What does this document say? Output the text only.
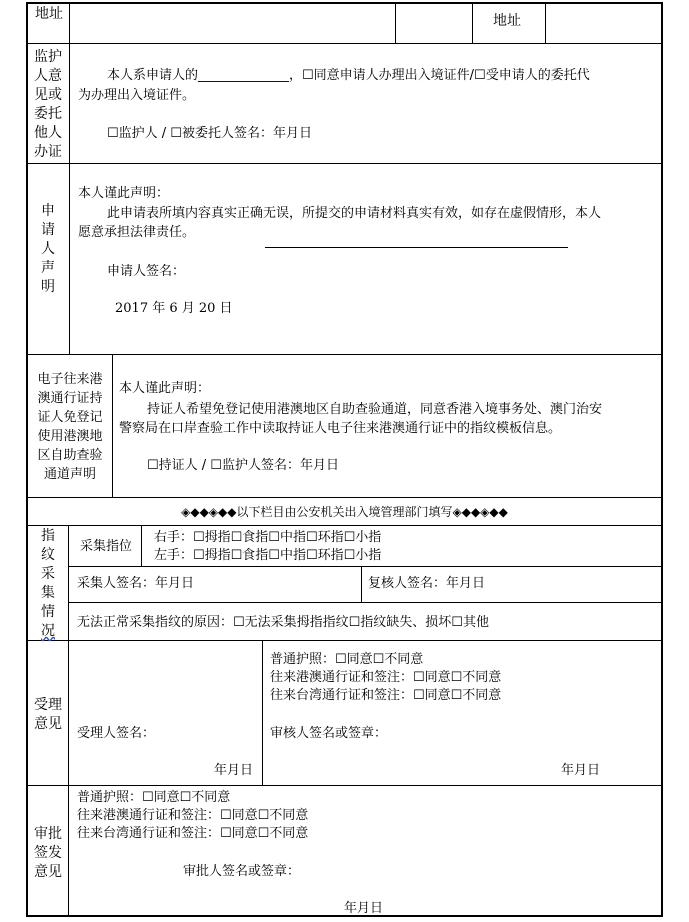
地址	地址
监护
人意
见或
委托
他人
办证
本人系申请人的______________，☐同意申请人办理出入境证件/☐受申请人的委托代
为办理出入境证件。
☐监护人 / ☐被委托人签名：年月日
申
请
人
声
明
本人谨此声明：
此申请表所填内容真实正确无误，所提交的申请材料真实有效，如存在虚假情形，本人
愿意承担法律责任。
申请人签名：
2017 年 6 月 20 日
电子往来港
澳通行证持
证人免登记
使用港澳地
区自助查验
通道声明
本人谨此声明：
持证人希望免登记使用港澳地区自助查验通道，同意香港入境事务处、澳门治安
警察局在口岸查验工作中读取持证人电子往来港澳通行证中的指纹模板信息。
☐持证人 / ☐监护人签名：年月日
◈◆◆◈◆◆以下栏目由公安机关出入境管理部门填写◈◆◆◈◆◆
指
纹
采
集
情
况
采集指位
右手：☐拇指☐食指☐中指☐环指☐小指
左手：☐拇指☐食指☐中指☐环指☐小指
采集人签名：年月日	复核人签名：年月日
无法正常采集指纹的原因：☐无法采集拇指指纹☐指纹缺失、损坏☐其他
受理
意见
受理人签名：
年月日
普通护照：☐同意☐不同意
往来港澳通行证和签注：☐同意☐不同意
往来台湾通行证和签注：☐同意☐不同意
审核人签名或签章：
年月日
审批
签发
意见
普通护照：☐同意☐不同意
往来港澳通行证和签注：☐同意☐不同意
往来台湾通行证和签注：☐同意☐不同意
审批人签名或签章：
年月日
